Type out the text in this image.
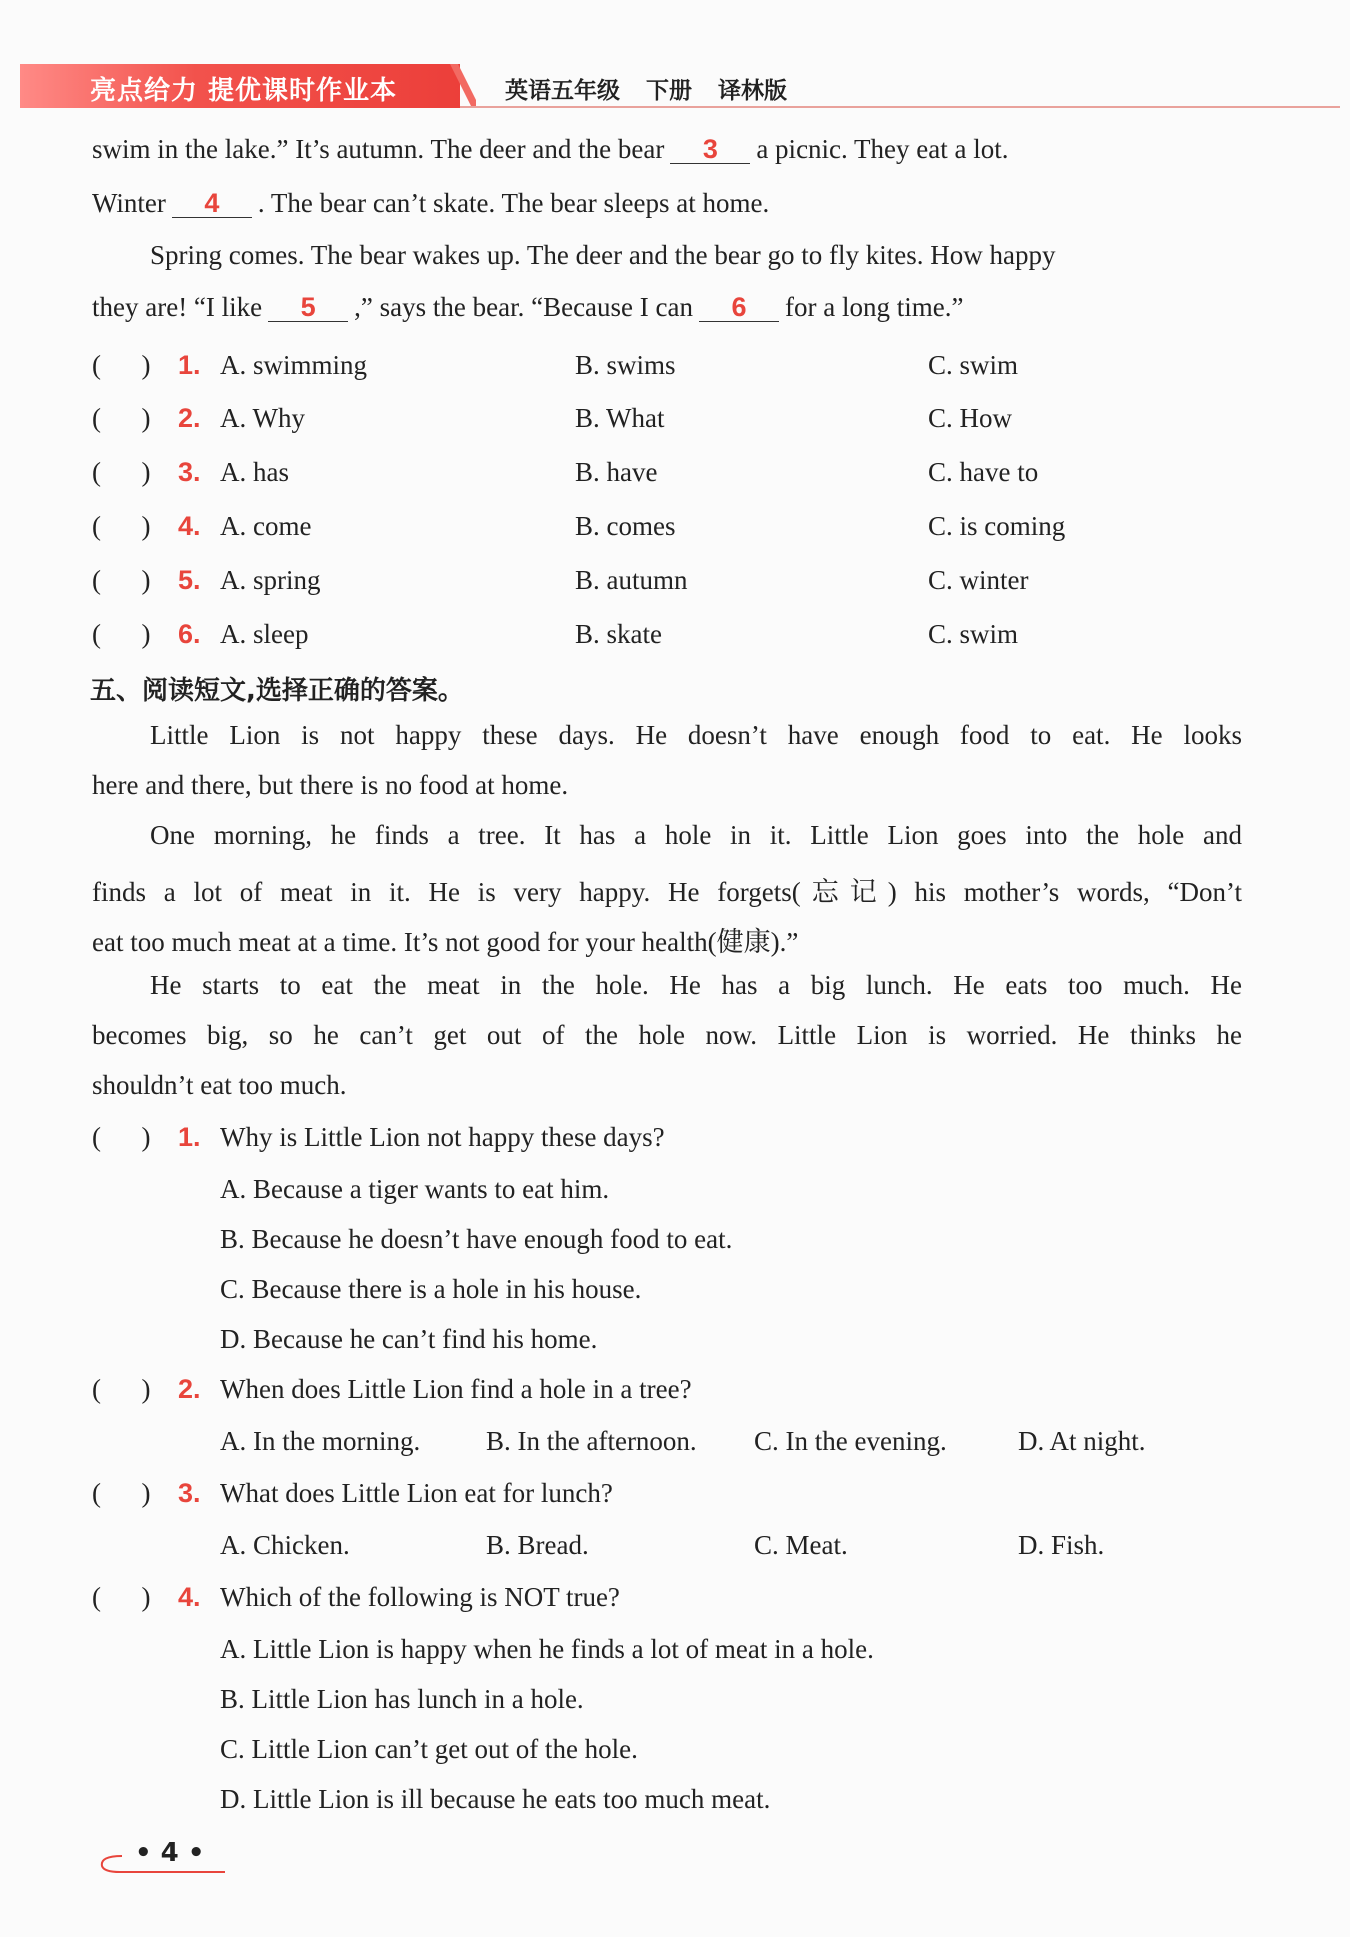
亮点给力 提优课时作业本	英语五年级 下册 译林版
swim in the lake.” It’s autumn. The deer and the bear 3 a picnic. They eat a lot.
Winter 4 . The bear can’t skate. The bear sleeps at home.
Spring comes. The bear wakes up. The deer and the bear go to fly kites. How happy
they are! “I like 5 ,” says the bear. “Because I can 6 for a long time.”
(      ) 1. A. swimming	B. swims	C. swim
(      ) 2. A. Why	B. What	C. How
(      ) 3. A. has	B. have	C. have to
(      ) 4. A. come	B. comes	C. is coming
(      ) 5. A. spring	B. autumn	C. winter
(      ) 6. A. sleep	B. skate	C. swim
五、阅读短文,选择正确的答案。
Little Lion is not happy these days. He doesn’t have enough food to eat. He looks
here and there, but there is no food at home.
One morning, he finds a tree. It has a hole in it. Little Lion goes into the hole and
finds a lot of meat in it. He is very happy. He forgets(忘记) his mother’s words, “Don’t
eat too much meat at a time. It’s not good for your health(健康).”
He starts to eat the meat in the hole. He has a big lunch. He eats too much. He
becomes big, so he can’t get out of the hole now. Little Lion is worried. He thinks he
shouldn’t eat too much.
(      ) 1. Why is Little Lion not happy these days?
A. Because a tiger wants to eat him.
B. Because he doesn’t have enough food to eat.
C. Because there is a hole in his house.
D. Because he can’t find his home.
(      ) 2. When does Little Lion find a hole in a tree?
A. In the morning. B. In the afternoon. C. In the evening.	D. At night.
(      ) 3. What does Little Lion eat for lunch?
A. Chicken.	B. Bread.	C. Meat.	D. Fish.
(      ) 4. Which of the following is NOT true?
A. Little Lion is happy when he finds a lot of meat in a hole.
B. Little Lion has lunch in a hole.
C. Little Lion can’t get out of the hole.
D. Little Lion is ill because he eats too much meat.
• 4 •
